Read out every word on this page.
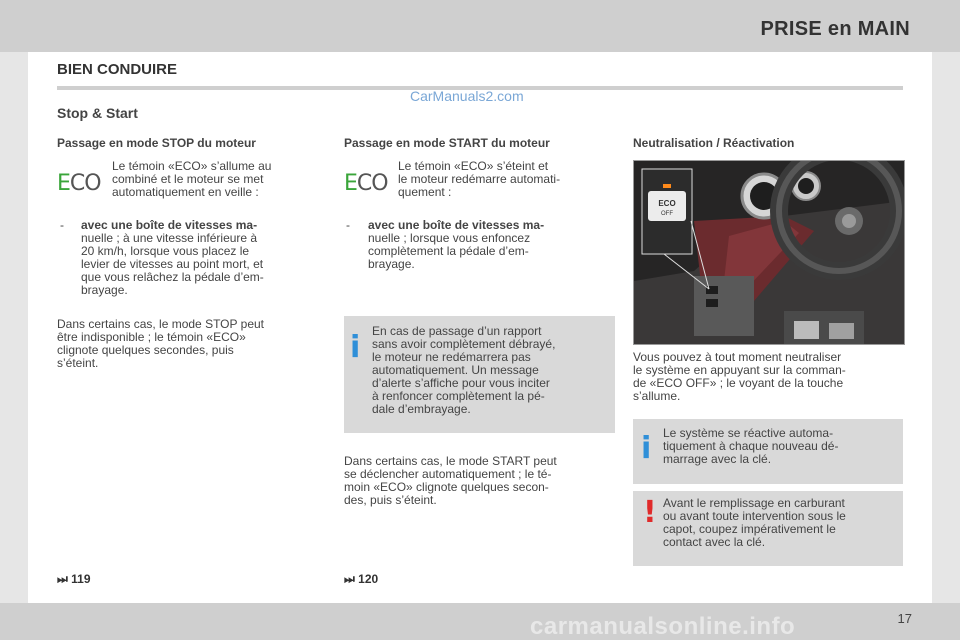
PRISE en MAIN
BIEN CONDUIRE
CarManuals2.com
Stop & Start
Passage en mode STOP du moteur
ECO
Le témoin «ECO» s’allume au
combiné et le moteur se met
automatiquement en veille :
- avec une boîte de vitesses ma-
nuelle ; à une vitesse inférieure à
20 km/h, lorsque vous placez le
levier de vitesses au point mort, et
que vous relâchez la pédale d’em-
brayage.
Dans certains cas, le mode STOP peut
être indisponible ; le témoin «ECO»
clignote quelques secondes, puis
s’éteint.
⏭ 119
Passage en mode START du moteur
ECO
Le témoin «ECO» s’éteint et
le moteur redémarre automati-
quement :
- avec une boîte de vitesses ma-
nuelle ; lorsque vous enfoncez
complètement la pédale d’em-
brayage.
i En cas de passage d’un rapport
sans avoir complètement débrayé,
le moteur ne redémarrera pas
automatiquement. Un message
d’alerte s’affiche pour vous inciter
à renfoncer complètement la pé-
dale d’embrayage.
Dans certains cas, le mode START peut
se déclencher automatiquement ; le té-
moin «ECO» clignote quelques secon-
des, puis s’éteint.
⏭ 120
Neutralisation / Réactivation
ECO
OFF
Vous pouvez à tout moment neutraliser
le système en appuyant sur la comman-
de «ECO OFF» ; le voyant de la touche
s’allume.
i Le système se réactive automa-
tiquement à chaque nouveau dé-
marrage avec la clé.
! Avant le remplissage en carburant
ou avant toute intervention sous le
capot, coupez impérativement le
contact avec la clé.
carmanualsonline.info	17
